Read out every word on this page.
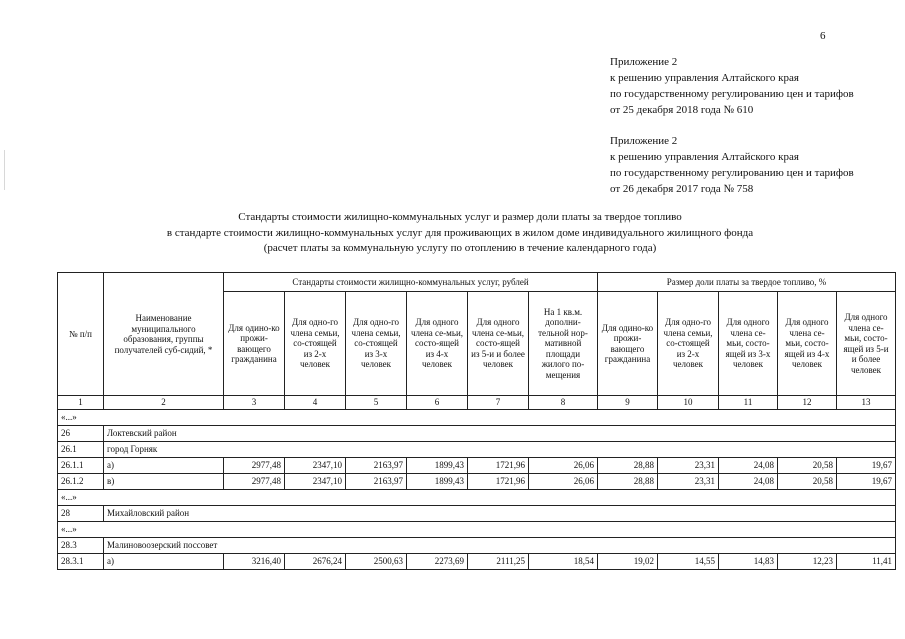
6
Приложение 2
к решению управления Алтайского края
по государственному регулированию цен и тарифов
от 25 декабря 2018 года № 610
Приложение 2
к решению управления Алтайского края
по государственному регулированию цен и тарифов
от 26 декабря 2017 года № 758
Стандарты стоимости жилищно-коммунальных услуг и размер доли платы за твердое топливо
в стандарте стоимости жилищно-коммунальных услуг для проживающих в жилом доме индивидуального жилищного фонда
(расчет платы за коммунальную услугу по отоплению в течение календарного года)
№ п/п	Наименование муниципального образования, группы получателей суб-сидий, *	Стандарты стоимости жилищно-коммунальных услуг, рублей						Размер доли платы за твердое топливо, %				
		Для одино-ко прожи-вающего гражданина	Для одно-го члена семьи, со-стоящей из 2-х человек	Для одно-го члена семьи, со-стоящей из 3-х человек	Для одного члена се-мьи, состо-ящей из 4-х человек	Для одного члена се-мьи, состо-ящей из 5-и и более человек	На 1 кв.м. дополни-тельной нор-мативной площади жилого по-мещения	Для одино-ко прожи-вающего гражданина	Для одно-го члена семьи, со-стоящей из 2-х человек	Для одного члена се-мьи, состо-ящей из 3-х человек	Для одного члена се-мьи, состо-ящей из 4-х человек	Для одного члена се-мьи, состо-ящей из 5-и и более человек
1	2	3	4	5	6	7	8	9	10	11	12	13
«...»												
26	Локтевский район											
26.1	город Горняк											
26.1.1	а)	2977,48	2347,10	2163,97	1899,43	1721,96	26,06	28,88	23,31	24,08	20,58	19,67
26.1.2	в)	2977,48	2347,10	2163,97	1899,43	1721,96	26,06	28,88	23,31	24,08	20,58	19,67
«...»												
28	Михайловский район											
«...»												
28.3	Малиновоозерский поссовет											
28.3.1	а)	3216,40	2676,24	2500,63	2273,69	2111,25	18,54	19,02	14,55	14,83	12,23	11,41
